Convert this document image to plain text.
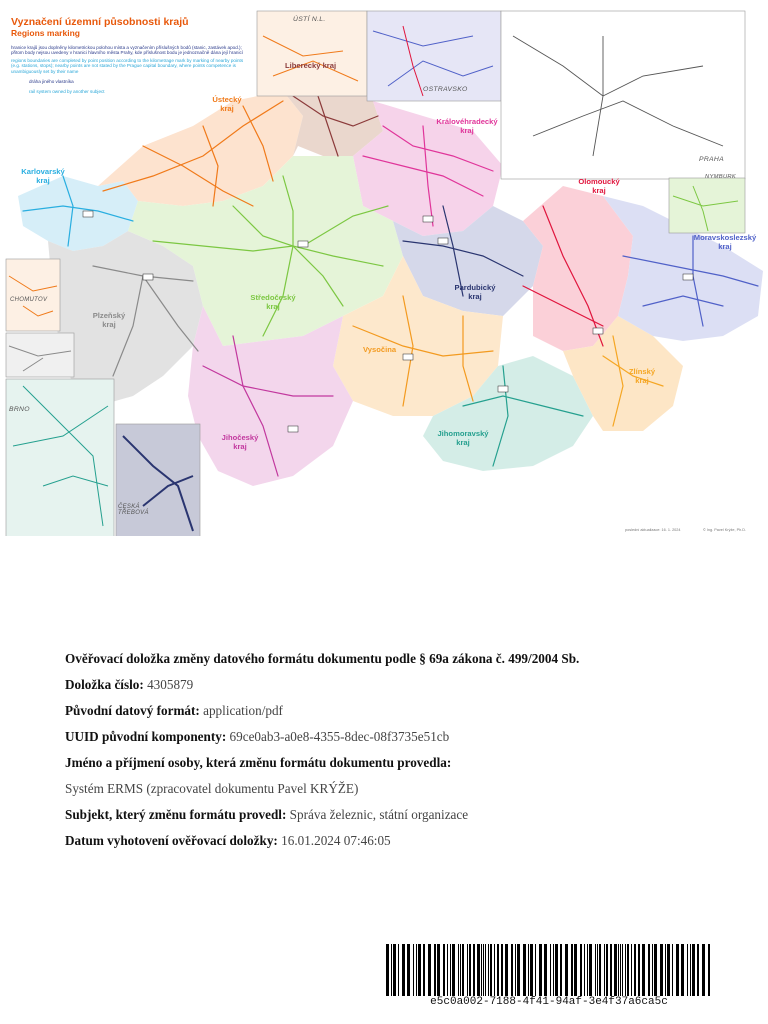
Vyznačení územní působnosti krajů
Regions marking
hranice krajů jsou doplněny kilometrickou polohou místa a vyznačením příslušných bodů (stanic, zastávek apod.); přitom body nejsou uvedeny v hranici hlavního města Prahy, kde příslušnost bodu je jednoznačně dána její hranicí
regions boundaries are completed by point position according to the kilometrage mark by marking of nearby points (e.g. stations, stops); nearby points are not stated by the Prague capital boundary, where points competence is unambiguously set by their name
dráha jiného vlastníka
rail system owned by another subject
Liberecký kraj
Ústecký kraj
Královéhradecký kraj
Karlovarský kraj	Olomoucký kraj
Moravskoslezský kraj
Pardubický kraj
Středočeský kraj
Plzeňský kraj
Vysočina
Zlínský kraj
Jihomoravský kraj
Jihočeský kraj
ÚSTÍ N.L.
OSTRAVSKO
PRAHA
NYMBURK
CHOMUTOV
BRNO
ČESKÁ TŘEBOVÁ
poslední aktualizace: 16. 1. 2024	© Ing. Pavel Krýže, Ph.D.
Ověřovací doložka změny datového formátu dokumentu podle § 69a zákona č. 499/2004 Sb.
Doložka číslo: 4305879
Původní datový formát: application/pdf
UUID původní komponenty: 69ce0ab3-a0e8-4355-8dec-08f3735e51cb
Jméno a příjmení osoby, která změnu formátu dokumentu provedla:
Systém ERMS (zpracovatel dokumentu Pavel KRÝŽE)
Subjekt, který změnu formátu provedl: Správa železnic, státní organizace
Datum vyhotovení ověřovací doložky: 16.01.2024 07:46:05
e5c0a002-7188-4f41-94af-3e4f37a6ca5c
